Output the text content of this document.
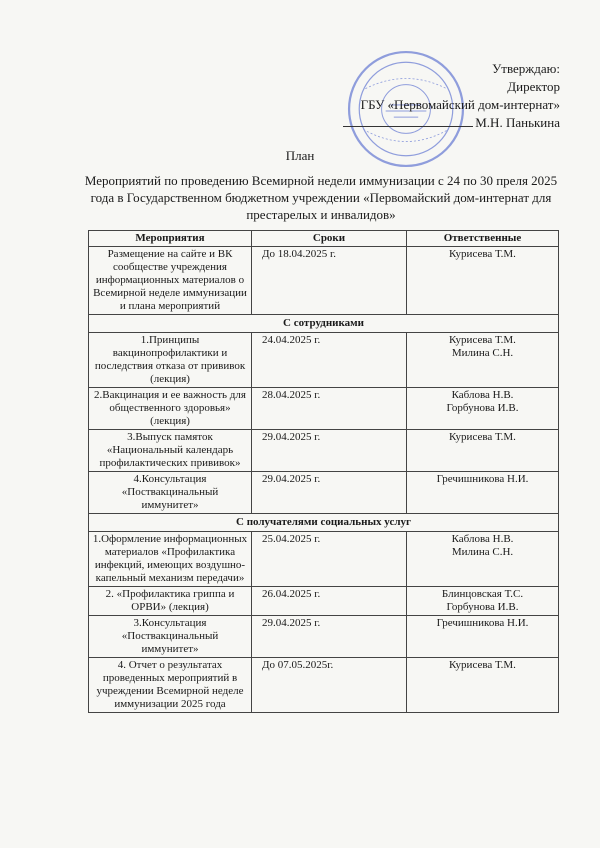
Утверждаю:
Директор
ГБУ «Первомайский дом-интернат»
М.Н. Панькина
План
Мероприятий по проведению Всемирной недели иммунизации с 24 по 30 преля 2025 года в Государственном бюджетном учреждении «Первомайский дом-интернат для престарелых и инвалидов»
Мероприятия	Сроки	Ответственные
Размещение на сайте и ВК сообществе учреждения информационных материалов о Всемирной неделе иммунизации и плана мероприятий	До 18.04.2025 г.	Курисева Т.М.

С сотрудниками		
1.Принципы вакцинопрофилактики и последствия отказа от прививок (лекция)	24.04.2025 г.	Курисева Т.М.
Милина С.Н.

2.Вакцинация и ее важность для общественного здоровья» (лекция)	28.04.2025 г.	Каблова Н.В.
Горбунова И.В.

3.Выпуск памяток «Национальный календарь профилактических прививок»	29.04.2025 г.	Курисева Т.М.

4.Консультация «Поствакцинальный иммунитет»	29.04.2025 г.	Гречишникова Н.И.

С получателями социальных услуг		
1.Оформление информационных материалов «Профилактика инфекций, имеющих воздушно-капельный механизм передачи»	25.04.2025 г.	Каблова Н.В.
Милина С.Н.

2. «Профилактика гриппа и ОРВИ» (лекция)	26.04.2025 г.	Блинцовская Т.С.
Горбунова И.В.

3.Консультация «Поствакцинальный иммунитет»	29.04.2025 г.	Гречишникова Н.И.

4. Отчет о результатах проведенных мероприятий в учреждении Всемирной неделе иммунизации 2025 года	До 07.05.2025г.	Курисева Т.М.
